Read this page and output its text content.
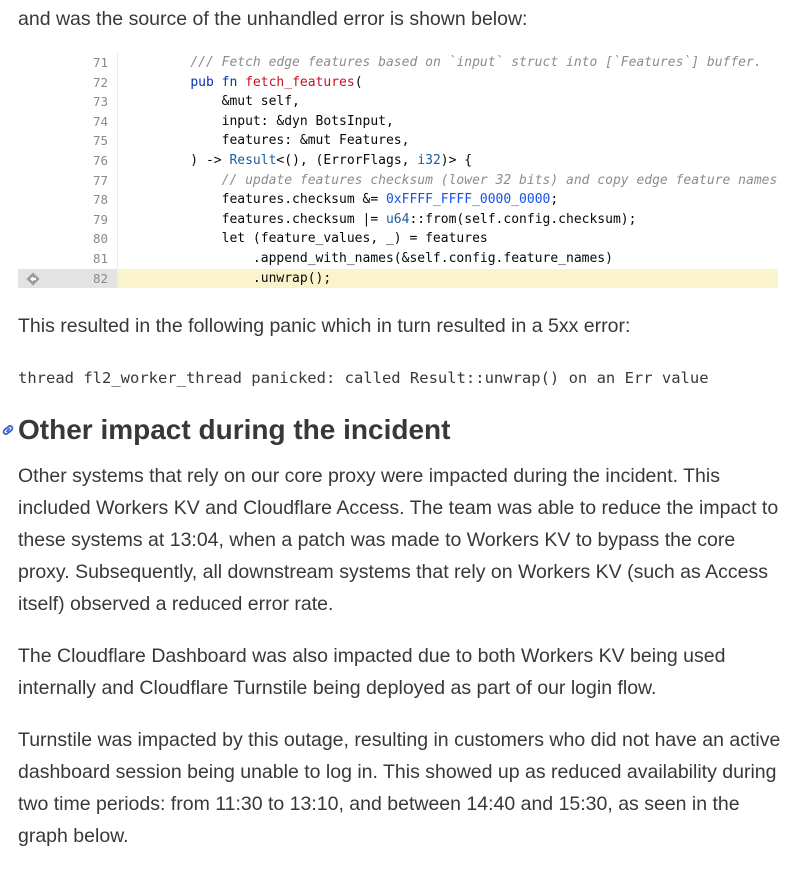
and was the source of the unhandled error is shown below:
71	/// Fetch edge features based on `input` struct into [`Features`] buffer.
72	pub fn fetch_features(
73	&mut self,
74	input: &dyn BotsInput,
75	features: &mut Features,
76	) -> Result<(), (ErrorFlags, i32)> {
77	// update features checksum (lower 32 bits) and copy edge feature names
78	features.checksum &= 0xFFFF_FFFF_0000_0000;
79	features.checksum |= u64::from(self.config.checksum);
80	let (feature_values, _) = features
81	.append_with_names(&self.config.feature_names)
82	.unwrap();
This resulted in the following panic which in turn resulted in a 5xx error:
thread fl2_worker_thread panicked: called Result::unwrap() on an Err value
Other impact during the incident
Other systems that rely on our core proxy were impacted during the incident. This included Workers KV and Cloudflare Access. The team was able to reduce the impact to these systems at 13:04, when a patch was made to Workers KV to bypass the core proxy. Subsequently, all downstream systems that rely on Workers KV (such as Access itself) observed a reduced error rate.
The Cloudflare Dashboard was also impacted due to both Workers KV being used internally and Cloudflare Turnstile being deployed as part of our login flow.
Turnstile was impacted by this outage, resulting in customers who did not have an active dashboard session being unable to log in. This showed up as reduced availability during two time periods: from 11:30 to 13:10, and between 14:40 and 15:30, as seen in the graph below.
